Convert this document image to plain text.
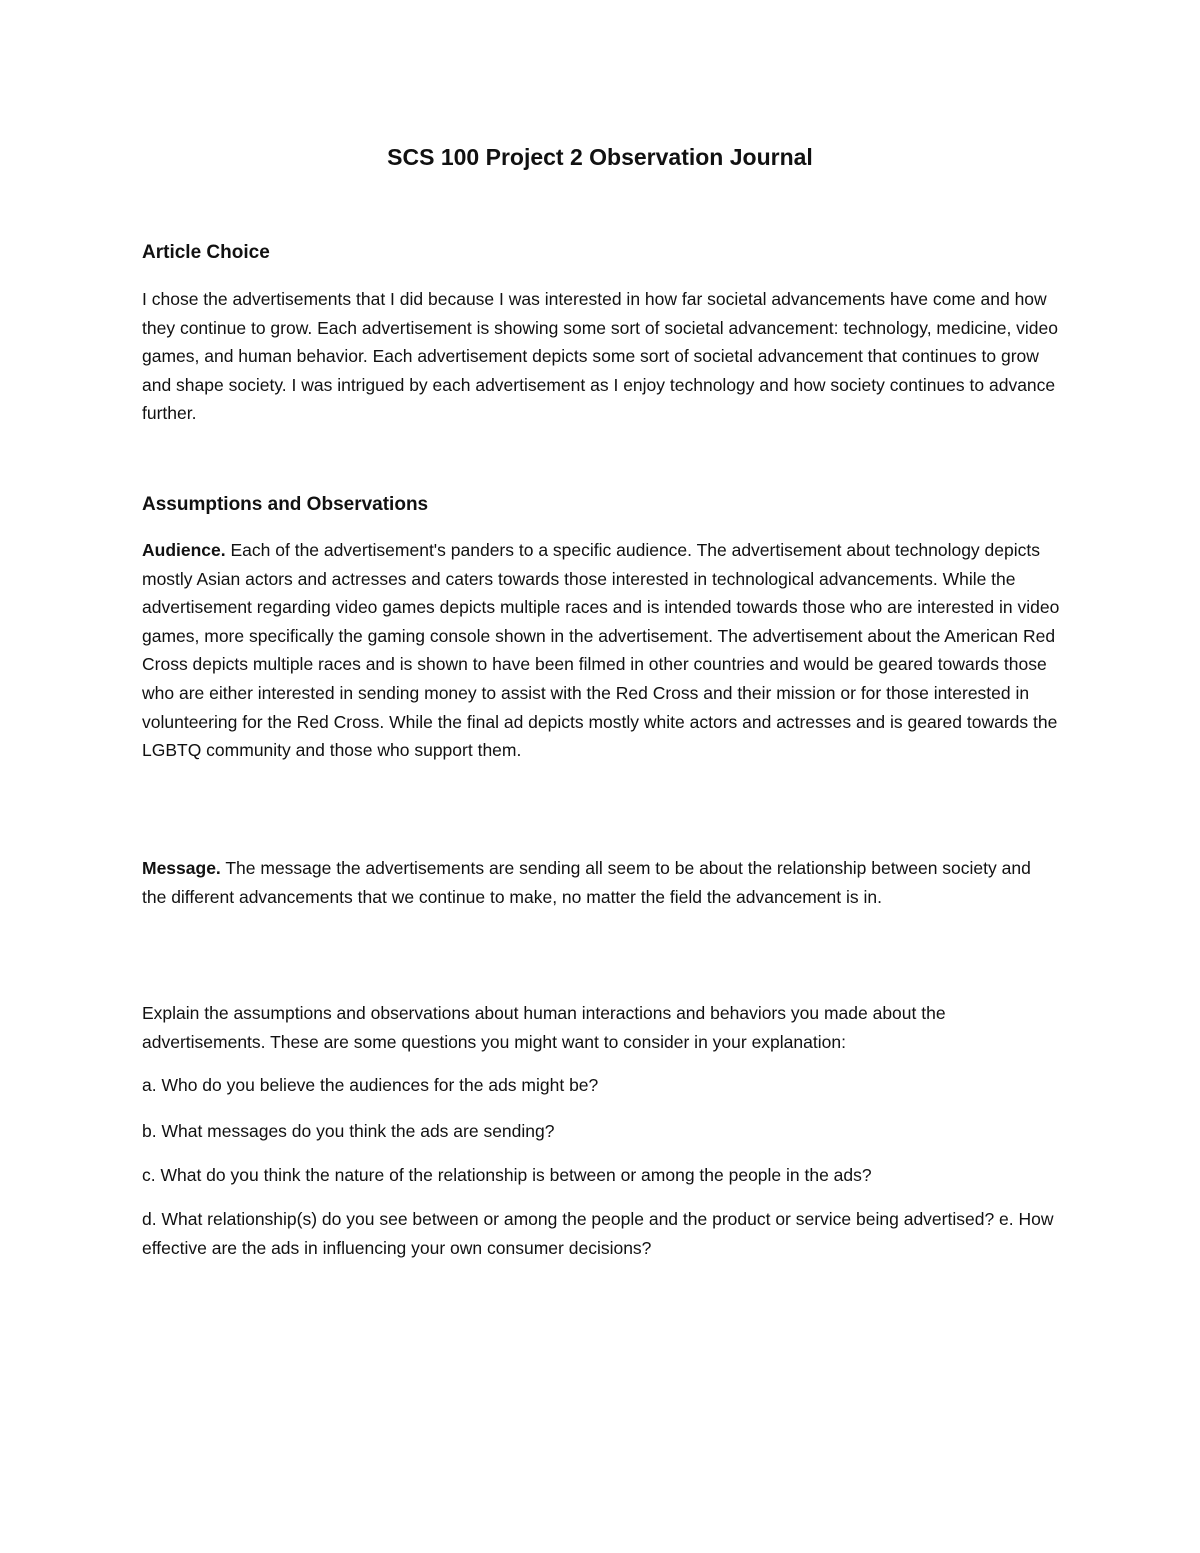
SCS 100 Project 2 Observation Journal
Article Choice

I chose the advertisements that I did because I was interested in how far societal advancements have come and how they continue to grow. Each advertisement is showing some sort of societal advancement: technology, medicine, video games, and human behavior. Each advertisement depicts some sort of societal advancement that continues to grow and shape society. I was intrigued by each advertisement as I enjoy technology and how society continues to advance further.

Assumptions and Observations

Audience. Each of the advertisement's panders to a specific audience. The advertisement about technology depicts mostly Asian actors and actresses and caters towards those interested in technological advancements. While the advertisement regarding video games depicts multiple races and is intended towards those who are interested in video games, more specifically the gaming console shown in the advertisement. The advertisement about the American Red Cross depicts multiple races and is shown to have been filmed in other countries and would be geared towards those who are either interested in sending money to assist with the Red Cross and their mission or for those interested in volunteering for the Red Cross. While the final ad depicts mostly white actors and actresses and is geared towards the LGBTQ community and those who support them.

Message. The message the advertisements are sending all seem to be about the relationship between society and the different advancements that we continue to make, no matter the field the advancement is in.

Explain the assumptions and observations about human interactions and behaviors you made about the advertisements. These are some questions you might want to consider in your explanation:

a. Who do you believe the audiences for the ads might be?

b. What messages do you think the ads are sending?

c. What do you think the nature of the relationship is between or among the people in the ads?

d. What relationship(s) do you see between or among the people and the product or service being advertised? e. How effective are the ads in influencing your own consumer decisions?
